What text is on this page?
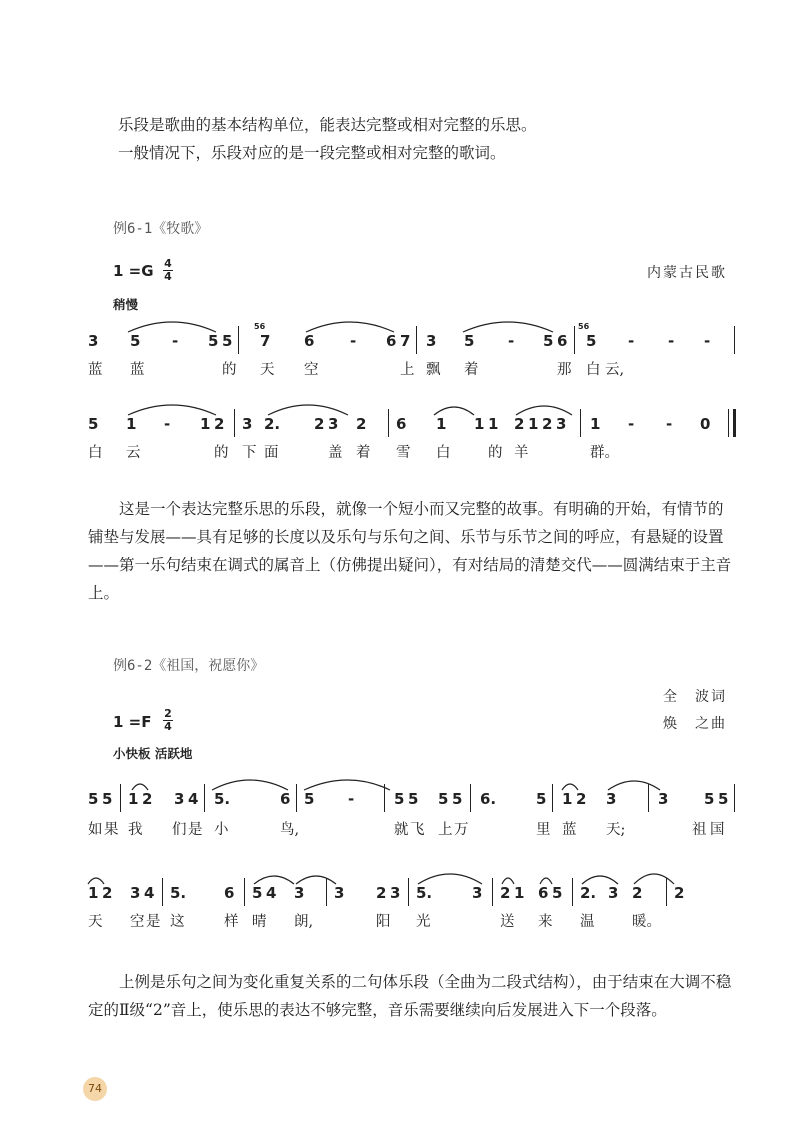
乐段是歌曲的基本结构单位，能表达完整或相对完整的乐思。
一般情况下，乐段对应的是一段完整或相对完整的歌词。
例6-1《牧歌》
1 =G 4
4	内蒙古民歌
稍慢
3 5 - 5 5
56
7 6 - 6 7 3 5 - 5 6
56
5 - - -
蓝 蓝	的 天 空	上 飘 着	那 白 云,
5 1 - 1 2 3 2. 2 3 2 6 1 1 1 2 1 2 3 1 - - 0
白 云	的 下 面	盖 着 雪 白	的 羊	群。

这是一个表达完整乐思的乐段，就像一个短小而又完整的故事。有明确的开始，有情节的铺垫与发展——具有足够的长度以及乐句与乐句之间、乐节与乐节之间的呼应，有悬疑的设置——第一乐句结束在调式的属音上（仿佛提出疑问），有对结局的清楚交代——圆满结束于主音上。

例6-2《祖国，祝愿你》
全　波词
焕　之曲
1 =F 2
4
小快板 活跃地
5 5 1 2 3 4 5.	6 5 -	5 5 5 5 6.	5 1 2 3	3 5 5
如 果 我 们 是 小	鸟,	就 飞 上 万	里 蓝 天;	祖 国
1 2 3 4 5.	6 5 4 3 3 2 3 5.	3 2 1 6 5 2. 3 2 2
天 空 是 这	样 晴 朗,	阳 光	送 来 温	暖。

上例是乐句之间为变化重复关系的二句体乐段（全曲为二段式结构），由于结束在大调不稳定的Ⅱ级“2”音上，使乐思的表达不够完整，音乐需要继续向后发展进入下一个段落。

74
